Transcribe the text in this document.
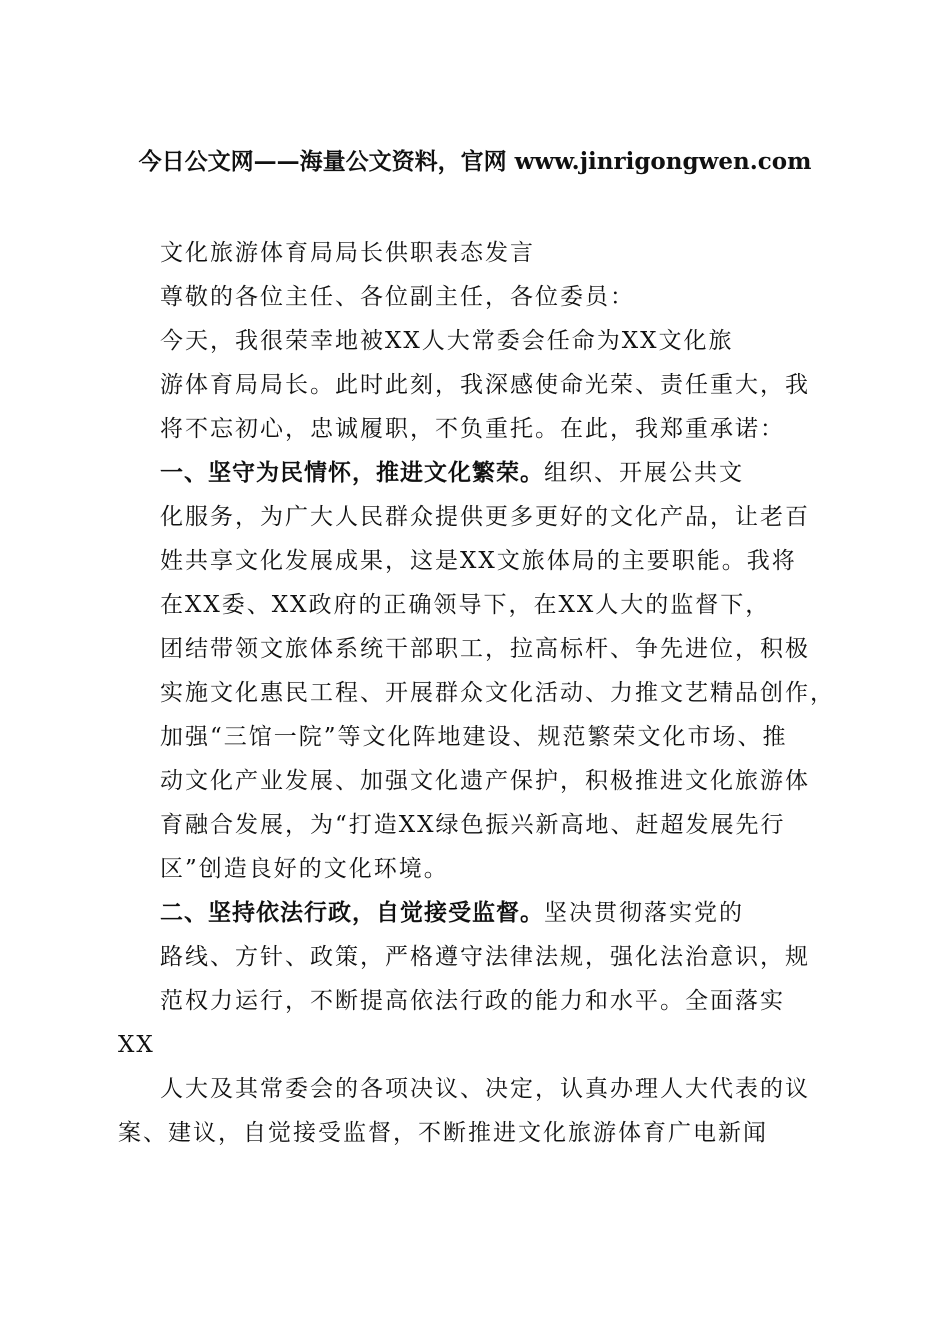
今日公文网——海量公文资料，官网 www.jinrigongwen.com
文化旅游体育局局长供职表态发言
尊敬的各位主任、各位副主任，各位委员：
今天，我很荣幸地被XX人大常委会任命为XX文化旅
游体育局局长。此时此刻，我深感使命光荣、责任重大，我
将不忘初心，忠诚履职，不负重托。在此，我郑重承诺：
一、坚守为民情怀，推进文化繁荣。组织、开展公共文
化服务，为广大人民群众提供更多更好的文化产品，让老百
姓共享文化发展成果，这是XX文旅体局的主要职能。我将
在XX委、XX政府的正确领导下，在XX人大的监督下，
团结带领文旅体系统干部职工，拉高标杆、争先进位，积极
实施文化惠民工程、开展群众文化活动、力推文艺精品创作，
加强“三馆一院”等文化阵地建设、规范繁荣文化市场、推
动文化产业发展、加强文化遗产保护，积极推进文化旅游体
育融合发展，为“打造XX绿色振兴新高地、赶超发展先行
区”创造良好的文化环境。
二、坚持依法行政，自觉接受监督。坚决贯彻落实党的
路线、方针、政策，严格遵守法律法规，强化法治意识，规
范权力运行，不断提高依法行政的能力和水平。全面落实
XX
人大及其常委会的各项决议、决定，认真办理人大代表的议
案、建议，自觉接受监督，不断推进文化旅游体育广电新闻
